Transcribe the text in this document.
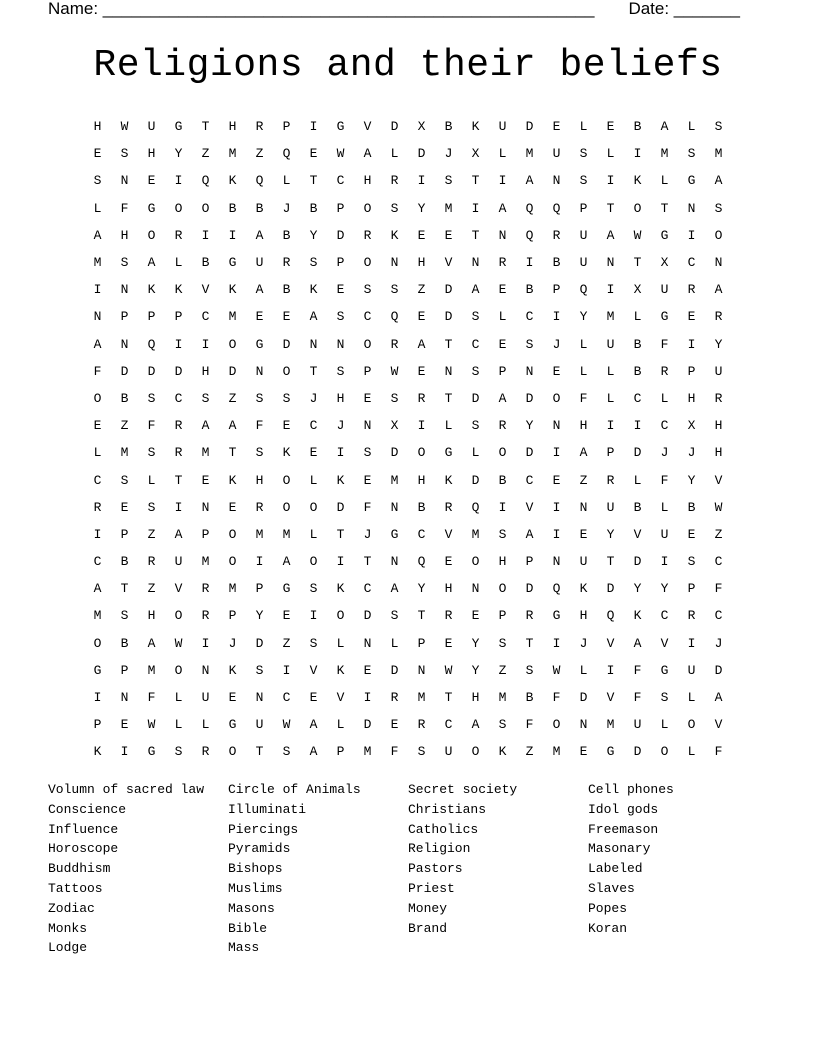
Name: ____________________________________________________ Date: _______
Religions and their beliefs
H	W	U	G	T	H	R	P	I	G	V	D	X	B	K	U	D	E	L	E	B	A	L	S
E	S	H	Y	Z	M	Z	Q	E	W	A	L	D	J	X	L	M	U	S	L	I	M	S	M
S	N	E	I	Q	K	Q	L	T	C	H	R	I	S	T	I	A	N	S	I	K	L	G	A
L	F	G	O	O	B	B	J	B	P	O	S	Y	M	I	A	Q	Q	P	T	O	T	N	S
A	H	O	R	I	I	A	B	Y	D	R	K	E	E	T	N	Q	R	U	A	W	G	I	O
M	S	A	L	B	G	U	R	S	P	O	N	H	V	N	R	I	B	U	N	T	X	C	N
I	N	K	K	V	K	A	B	K	E	S	S	Z	D	A	E	B	P	Q	I	X	U	R	A
N	P	P	P	C	M	E	E	A	S	C	Q	E	D	S	L	C	I	Y	M	L	G	E	R
A	N	Q	I	I	O	G	D	N	N	O	R	A	T	C	E	S	J	L	U	B	F	I	Y
F	D	D	D	H	D	N	O	T	S	P	W	E	N	S	P	N	E	L	L	B	R	P	U
O	B	S	C	S	Z	S	S	J	H	E	S	R	T	D	A	D	O	F	L	C	L	H	R
E	Z	F	R	A	A	F	E	C	J	N	X	I	L	S	R	Y	N	H	I	I	C	X	H
L	M	S	R	M	T	S	K	E	I	S	D	O	G	L	O	D	I	A	P	D	J	J	H
C	S	L	T	E	K	H	O	L	K	E	M	H	K	D	B	C	E	Z	R	L	F	Y	V
R	E	S	I	N	E	R	O	O	D	F	N	B	R	Q	I	V	I	N	U	B	L	B	W
I	P	Z	A	P	O	M	M	L	T	J	G	C	V	M	S	A	I	E	Y	V	U	E	Z
C	B	R	U	M	O	I	A	O	I	T	N	Q	E	O	H	P	N	U	T	D	I	S	C
A	T	Z	V	R	M	P	G	S	K	C	A	Y	H	N	O	D	Q	K	D	Y	Y	P	F
M	S	H	O	R	P	Y	E	I	O	D	S	T	R	E	P	R	G	H	Q	K	C	R	C
O	B	A	W	I	J	D	Z	S	L	N	L	P	E	Y	S	T	I	J	V	A	V	I	J
G	P	M	O	N	K	S	I	V	K	E	D	N	W	Y	Z	S	W	L	I	F	G	U	D
I	N	F	L	U	E	N	C	E	V	I	R	M	T	H	M	B	F	D	V	F	S	L	A
P	E	W	L	L	G	U	W	A	L	D	E	R	C	A	S	F	O	N	M	U	L	O	V
K	I	G	S	R	O	T	S	A	P	M	F	S	U	O	K	Z	M	E	G	D	O	L	F
Volumn of sacred law
Conscience
Influence
Horoscope
Buddhism
Tattoos
Zodiac
Monks
Lodge
Circle of Animals
Illuminati
Piercings
Pyramids
Bishops
Muslims
Masons
Bible
Mass
Secret society
Christians
Catholics
Religion
Pastors
Priest
Money
Brand
Cell phones
Idol gods
Freemason
Masonary
Labeled
Slaves
Popes
Koran
